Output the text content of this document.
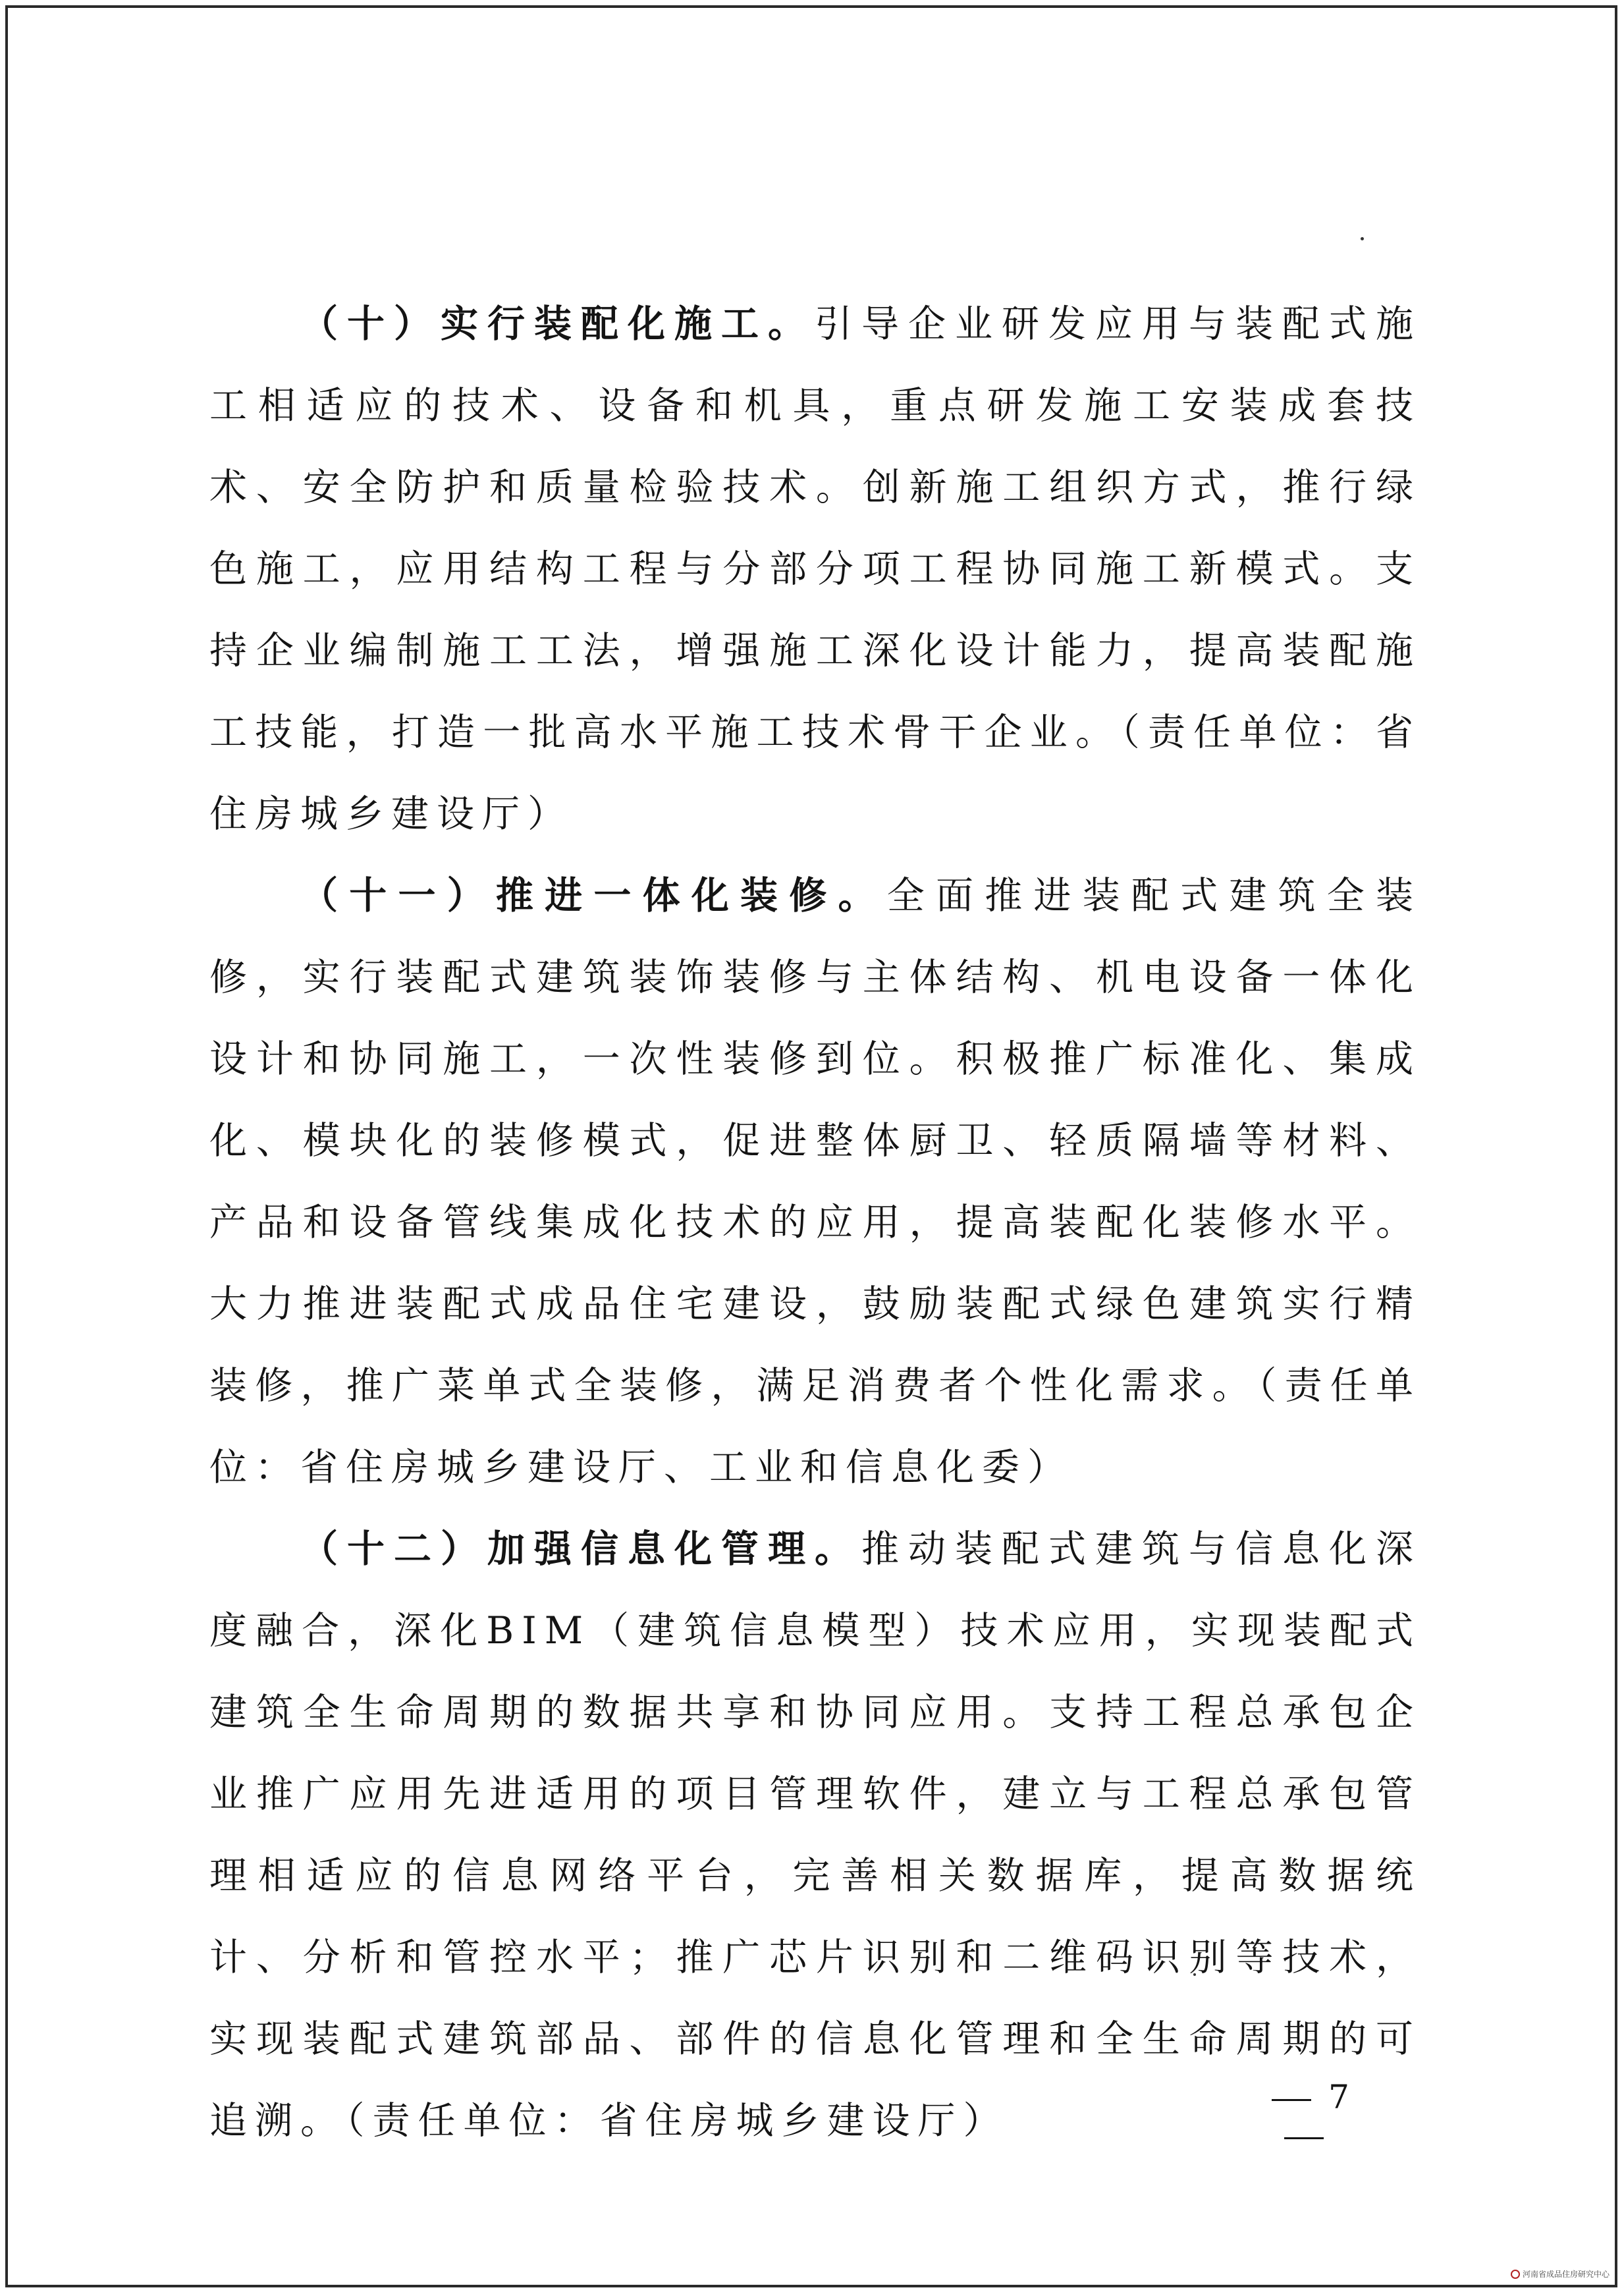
（十）实行装配化施工。引导企业研发应用与装配式施工相适应的技术、设备和机具，重点研发施工安装成套技术、安全防护和质量检验技术。创新施工组织方式，推行绿色施工，应用结构工程与分部分项工程协同施工新模式。支持企业编制施工工法，增强施工深化设计能力，提高装配施工技能，打造一批高水平施工技术骨干企业。（责任单位：省住房城乡建设厅）

（十一）推进一体化装修。全面推进装配式建筑全装修，实行装配式建筑装饰装修与主体结构、机电设备一体化设计和协同施工，一次性装修到位。积极推广标准化、集成化、模块化的装修模式，促进整体厨卫、轻质隔墙等材料、产品和设备管线集成化技术的应用，提高装配化装修水平。大力推进装配式成品住宅建设，鼓励装配式绿色建筑实行精装修，推广菜单式全装修，满足消费者个性化需求。（责任单位：省住房城乡建设厅、工业和信息化委）

（十二）加强信息化管理。推动装配式建筑与信息化深度融合，深化BIM（建筑信息模型）技术应用，实现装配式建筑全生命周期的数据共享和协同应用。支持工程总承包企业推广应用先进适用的项目管理软件，建立与工程总承包管理相适应的信息网络平台，完善相关数据库，提高数据统计、分析和管控水平；推广芯片识别和二维码识别等技术，实现装配式建筑部品、部件的信息化管理和全生命周期的可追溯。（责任单位：省住房城乡建设厅）

7
河南省成品住房研究中心
